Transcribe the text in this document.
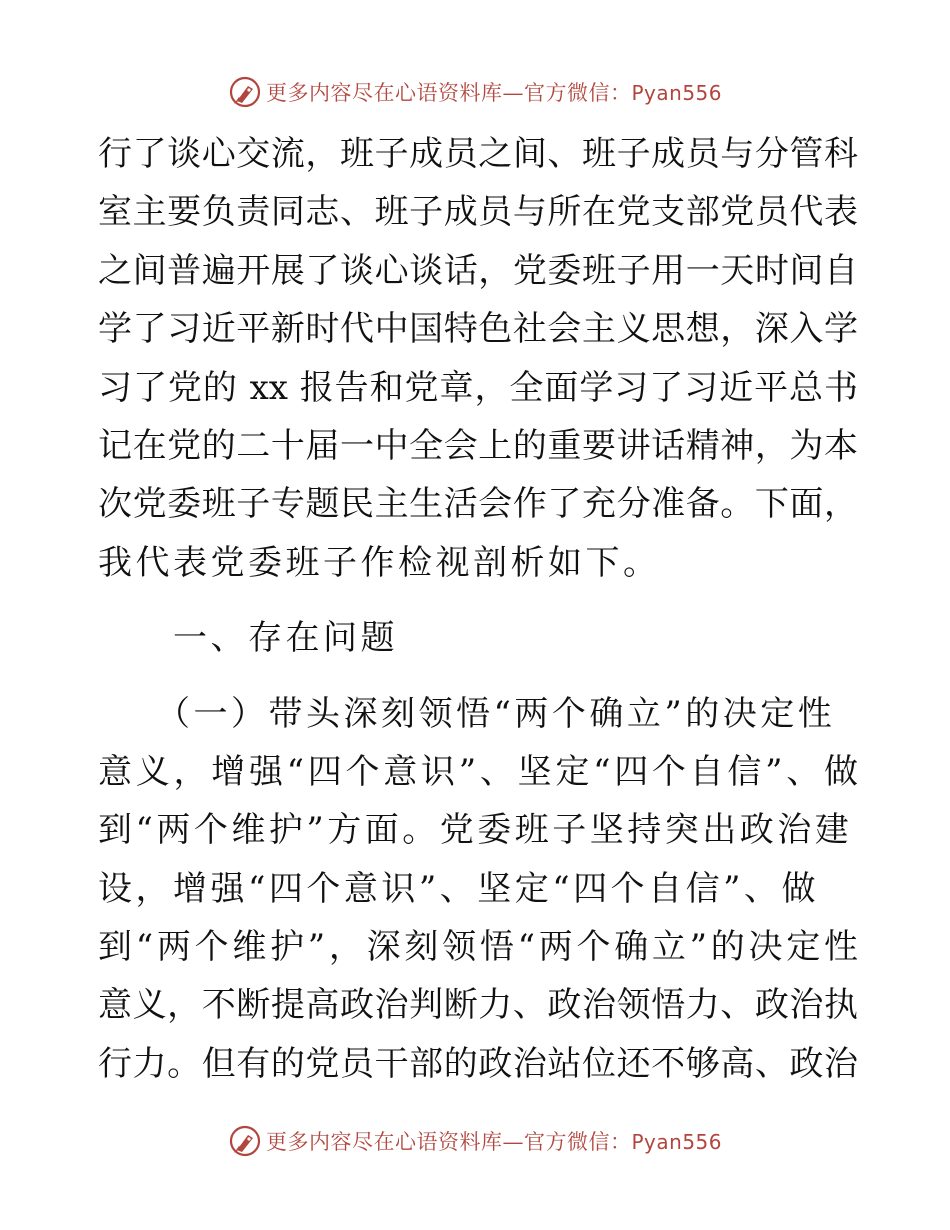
更多内容尽在心语资料库—官方微信：Pyan556
行了谈心交流，班子成员之间、班子成员与分管科
室主要负责同志、班子成员与所在党支部党员代表
之间普遍开展了谈心谈话，党委班子用一天时间自
学了习近平新时代中国特色社会主义思想，深入学
习了党的 xx 报告和党章，全面学习了习近平总书
记在党的二十届一中全会上的重要讲话精神，为本
次党委班子专题民主生活会作了充分准备。下面，
我代表党委班子作检视剖析如下。
　　一、存在问题
　　（一）带头深刻领悟“两个确立”的决定性
意义，增强“四个意识”、坚定“四个自信”、做
到“两个维护”方面。党委班子坚持突出政治建
设，增强“四个意识”、坚定“四个自信”、做
到“两个维护”，深刻领悟“两个确立”的决定性
意义，不断提高政治判断力、政治领悟力、政治执
行力。但有的党员干部的政治站位还不够高、政治
更多内容尽在心语资料库—官方微信：Pyan556
